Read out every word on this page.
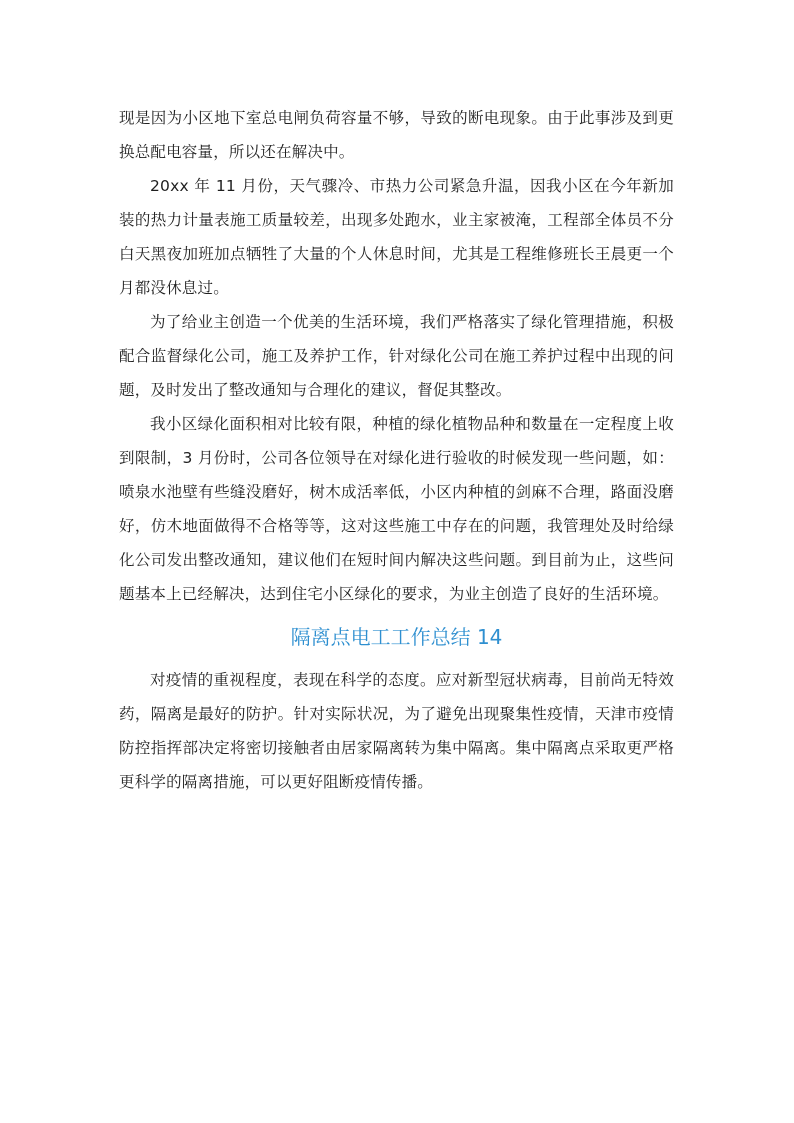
现是因为小区地下室总电闸负荷容量不够，导致的断电现象。由于此事涉及到更换总配电容量，所以还在解决中。

20xx 年 11 月份，天气骤冷、市热力公司紧急升温，因我小区在今年新加装的热力计量表施工质量较差，出现多处跑水，业主家被淹，工程部全体员不分白天黑夜加班加点牺牲了大量的个人休息时间，尤其是工程维修班长王晨更一个月都没休息过。

为了给业主创造一个优美的生活环境，我们严格落实了绿化管理措施，积极配合监督绿化公司，施工及养护工作，针对绿化公司在施工养护过程中出现的问题，及时发出了整改通知与合理化的建议，督促其整改。

我小区绿化面积相对比较有限，种植的绿化植物品种和数量在一定程度上收到限制，3 月份时，公司各位领导在对绿化进行验收的时候发现一些问题，如：喷泉水池壁有些缝没磨好，树木成活率低，小区内种植的剑麻不合理，路面没磨好，仿木地面做得不合格等等，这对这些施工中存在的问题，我管理处及时给绿化公司发出整改通知，建议他们在短时间内解决这些问题。到目前为止，这些问题基本上已经解决，达到住宅小区绿化的要求，为业主创造了良好的生活环境。

隔离点电工工作总结 14

对疫情的重视程度，表现在科学的态度。应对新型冠状病毒，目前尚无特效药，隔离是最好的防护。针对实际状况，为了避免出现聚集性疫情，天津市疫情防控指挥部决定将密切接触者由居家隔离转为集中隔离。集中隔离点采取更严格更科学的隔离措施，可以更好阻断疫情传播。
